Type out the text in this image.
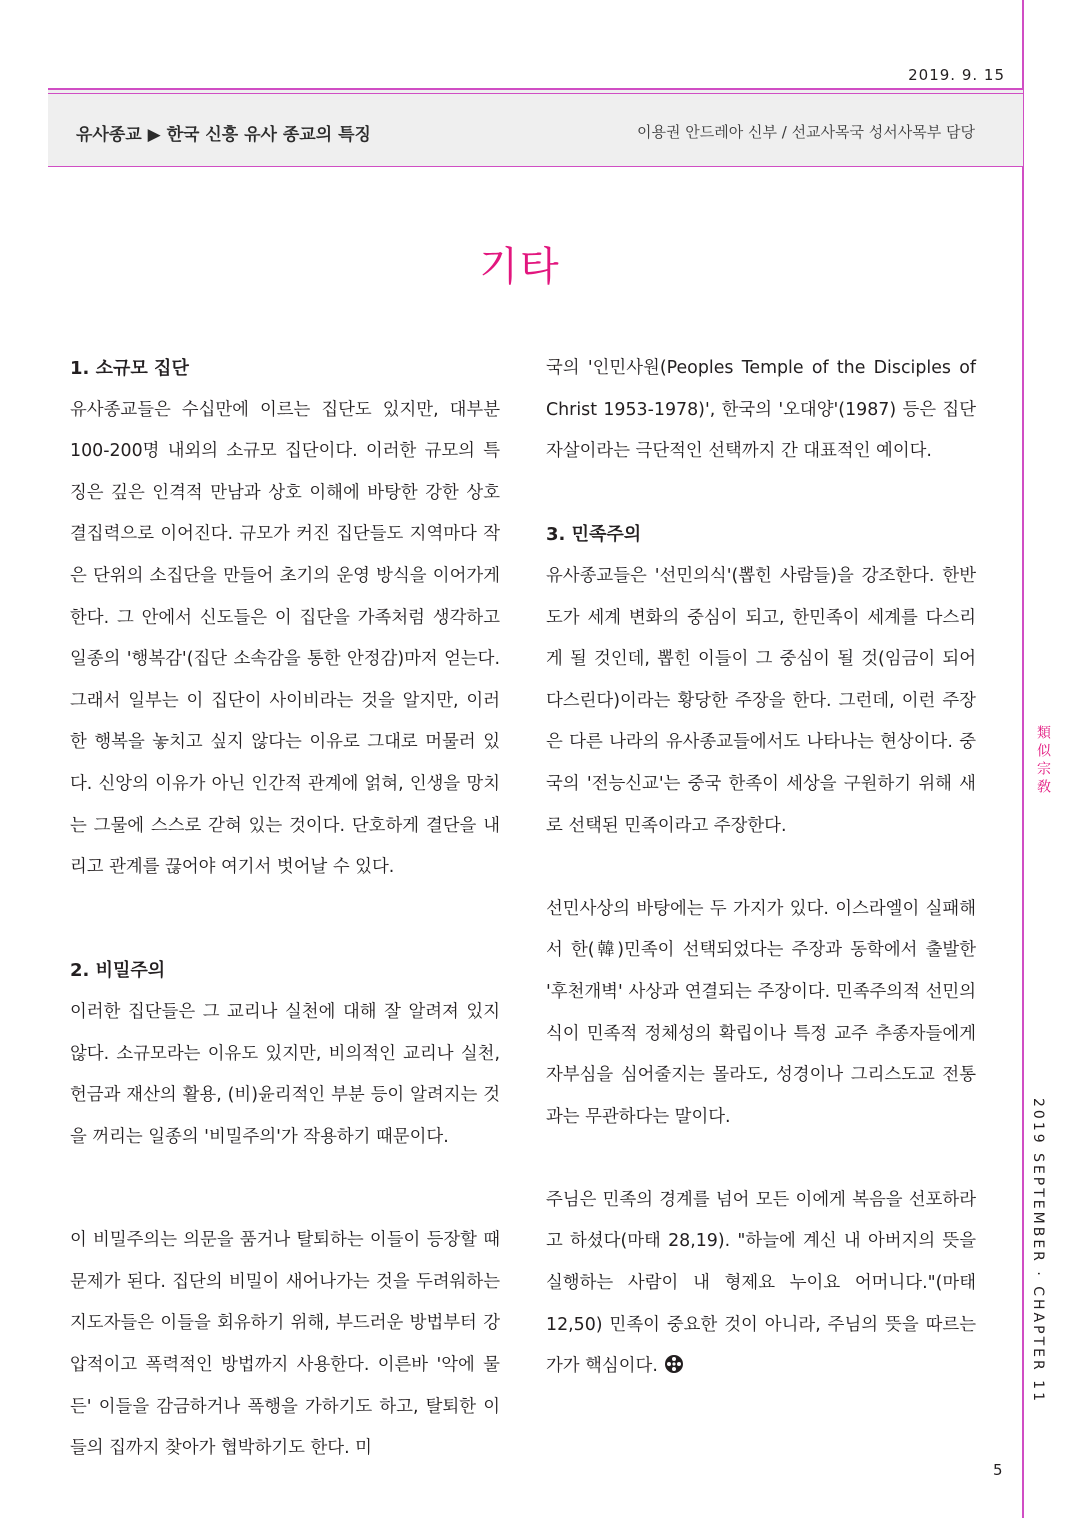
2019. 9. 15
유사종교 ▶ 한국 신흥 유사 종교의 특징	이용권 안드레아 신부 / 선교사목국 성서사목부 담당
기타
1. 소규모 집단

유사종교들은 수십만에 이르는 집단도 있지만, 대부분 100-200명 내외의 소규모 집단이다. 이러한 규모의 특징은 깊은 인격적 만남과 상호 이해에 바탕한 강한 상호 결집력으로 이어진다. 규모가 커진 집단들도 지역마다 작은 단위의 소집단을 만들어 초기의 운영 방식을 이어가게 한다. 그 안에서 신도들은 이 집단을 가족처럼 생각하고 일종의 '행복감'(집단 소속감을 통한 안정감)마저 얻는다. 그래서 일부는 이 집단이 사이비라는 것을 알지만, 이러한 행복을 놓치고 싶지 않다는 이유로 그대로 머물러 있다. 신앙의 이유가 아닌 인간적 관계에 얽혀, 인생을 망치는 그물에 스스로 갇혀 있는 것이다. 단호하게 결단을 내리고 관계를 끊어야 여기서 벗어날 수 있다.

2. 비밀주의

이러한 집단들은 그 교리나 실천에 대해 잘 알려져 있지 않다. 소규모라는 이유도 있지만, 비의적인 교리나 실천, 헌금과 재산의 활용, (비)윤리적인 부분 등이 알려지는 것을 꺼리는 일종의 '비밀주의'가 작용하기 때문이다.

이 비밀주의는 의문을 품거나 탈퇴하는 이들이 등장할 때 문제가 된다. 집단의 비밀이 새어나가는 것을 두려워하는 지도자들은 이들을 회유하기 위해, 부드러운 방법부터 강압적이고 폭력적인 방법까지 사용한다. 이른바 '악에 물든' 이들을 감금하거나 폭행을 가하기도 하고, 탈퇴한 이들의 집까지 찾아가 협박하기도 한다. 미

국의 '인민사원(Peoples Temple of the Disciples of Christ 1953-1978)', 한국의 '오대양'(1987) 등은 집단 자살이라는 극단적인 선택까지 간 대표적인 예이다.

3. 민족주의

유사종교들은 '선민의식'(뽑힌 사람들)을 강조한다. 한반도가 세계 변화의 중심이 되고, 한민족이 세계를 다스리게 될 것인데, 뽑힌 이들이 그 중심이 될 것(임금이 되어 다스린다)이라는 황당한 주장을 한다. 그런데, 이런 주장은 다른 나라의 유사종교들에서도 나타나는 현상이다. 중국의 '전능신교'는 중국 한족이 세상을 구원하기 위해 새로 선택된 민족이라고 주장한다.

선민사상의 바탕에는 두 가지가 있다. 이스라엘이 실패해서 한(韓)민족이 선택되었다는 주장과 동학에서 출발한 '후천개벽' 사상과 연결되는 주장이다. 민족주의적 선민의식이 민족적 정체성의 확립이나 특정 교주 추종자들에게 자부심을 심어줄지는 몰라도, 성경이나 그리스도교 전통과는 무관하다는 말이다.

주님은 민족의 경계를 넘어 모든 이에게 복음을 선포하라고 하셨다(마태 28,19). "하늘에 계신 내 아버지의 뜻을 실행하는 사람이 내 형제요 누이요 어머니다."(마태 12,50) 민족이 중요한 것이 아니라, 주님의 뜻을 따르는가가 핵심이다.

類似宗敎
2019 SEPTEMBER · CHAPTER 11
5
